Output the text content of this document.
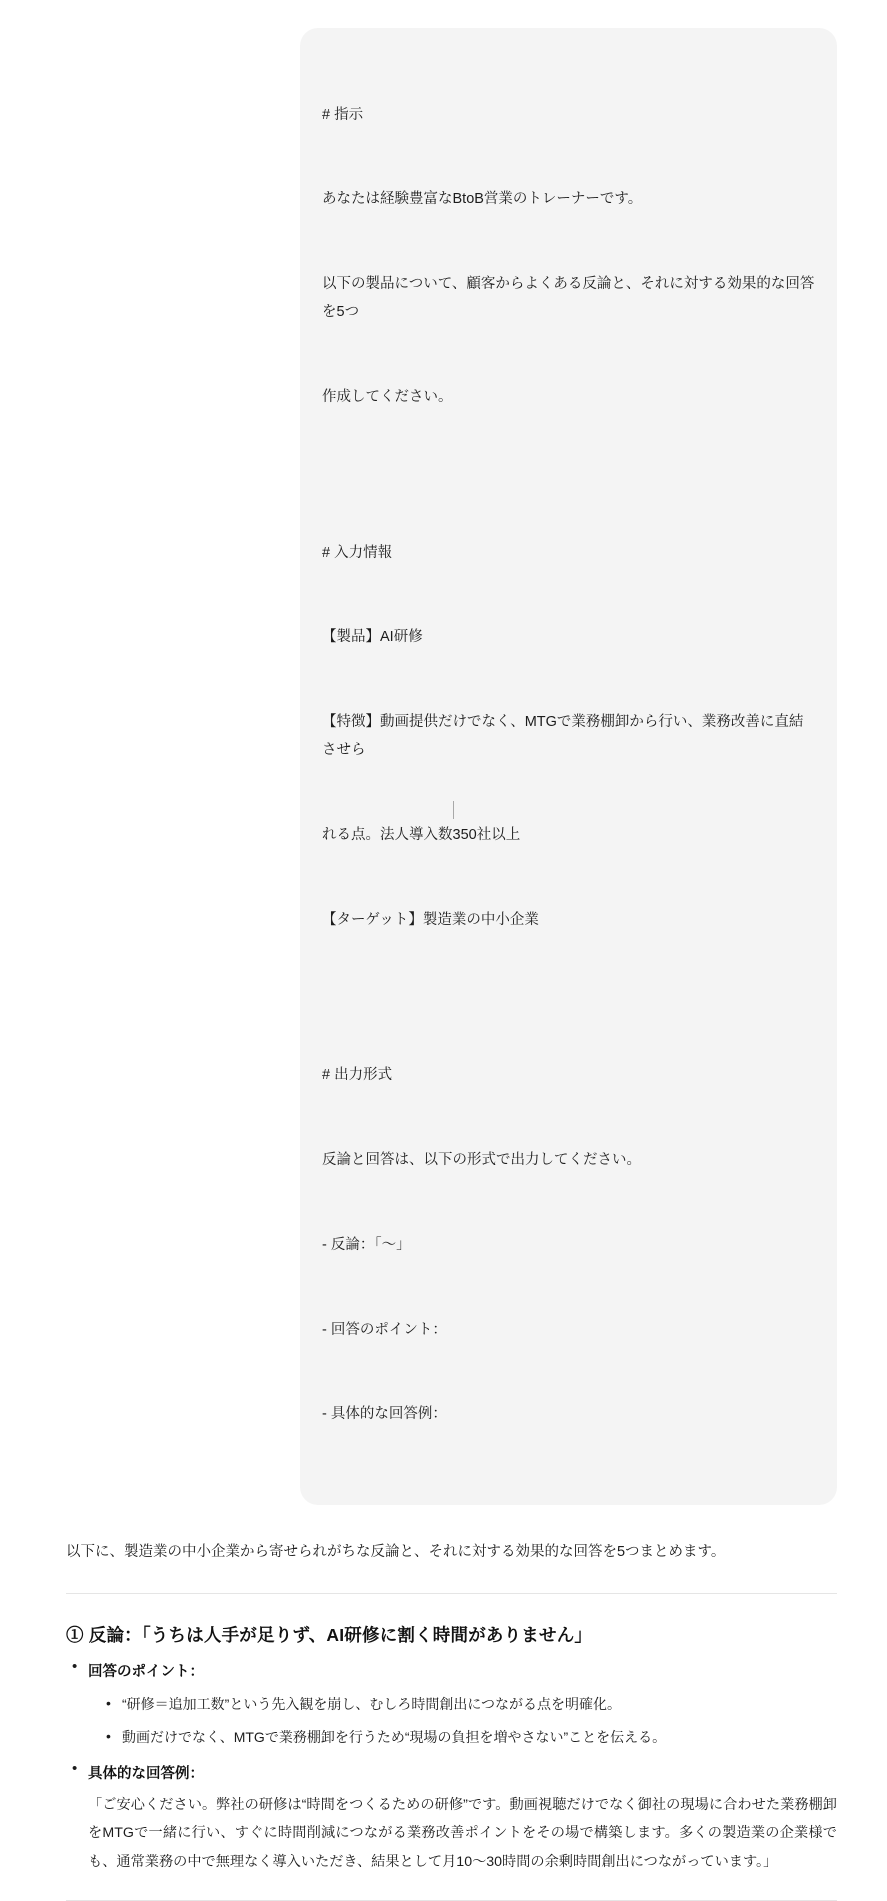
# 指示

あなたは経験豊富なBtoB営業のトレーナーです。

以下の製品について、顧客からよくある反論と、それに対する効果的な回答を5つ

作成してください。

# 入力情報

【製品】AI研修

【特徴】動画提供だけでなく、MTGで業務棚卸から行い、業務改善に直結させら

れる点。法人導入数350社以上

【ターゲット】製造業の中小企業

# 出力形式

反論と回答は、以下の形式で出力してください。

- 反論：「〜」

- 回答のポイント：

- 具体的な回答例：

以下に、製造業の中小企業から寄せられがちな反論と、それに対する効果的な回答を5つまとめます。

① 反論：「うちは人手が足りず、AI研修に割く時間がありません」
• 回答のポイント：
• “研修＝追加工数”という先入観を崩し、むしろ時間創出につながる点を明確化。
• 動画だけでなく、MTGで業務棚卸を行うため“現場の負担を増やさない”ことを伝える。
• 具体的な回答例：

「ご安心ください。弊社の研修は“時間をつくるための研修”です。動画視聴だけでなく御社の現場に合わせた業務棚卸をMTGで一緒に行い、すぐに時間削減につながる業務改善ポイントをその場で構築します。多くの製造業の企業様でも、通常業務の中で無理なく導入いただき、結果として月10〜30時間の余剰時間創出につながっています。」
